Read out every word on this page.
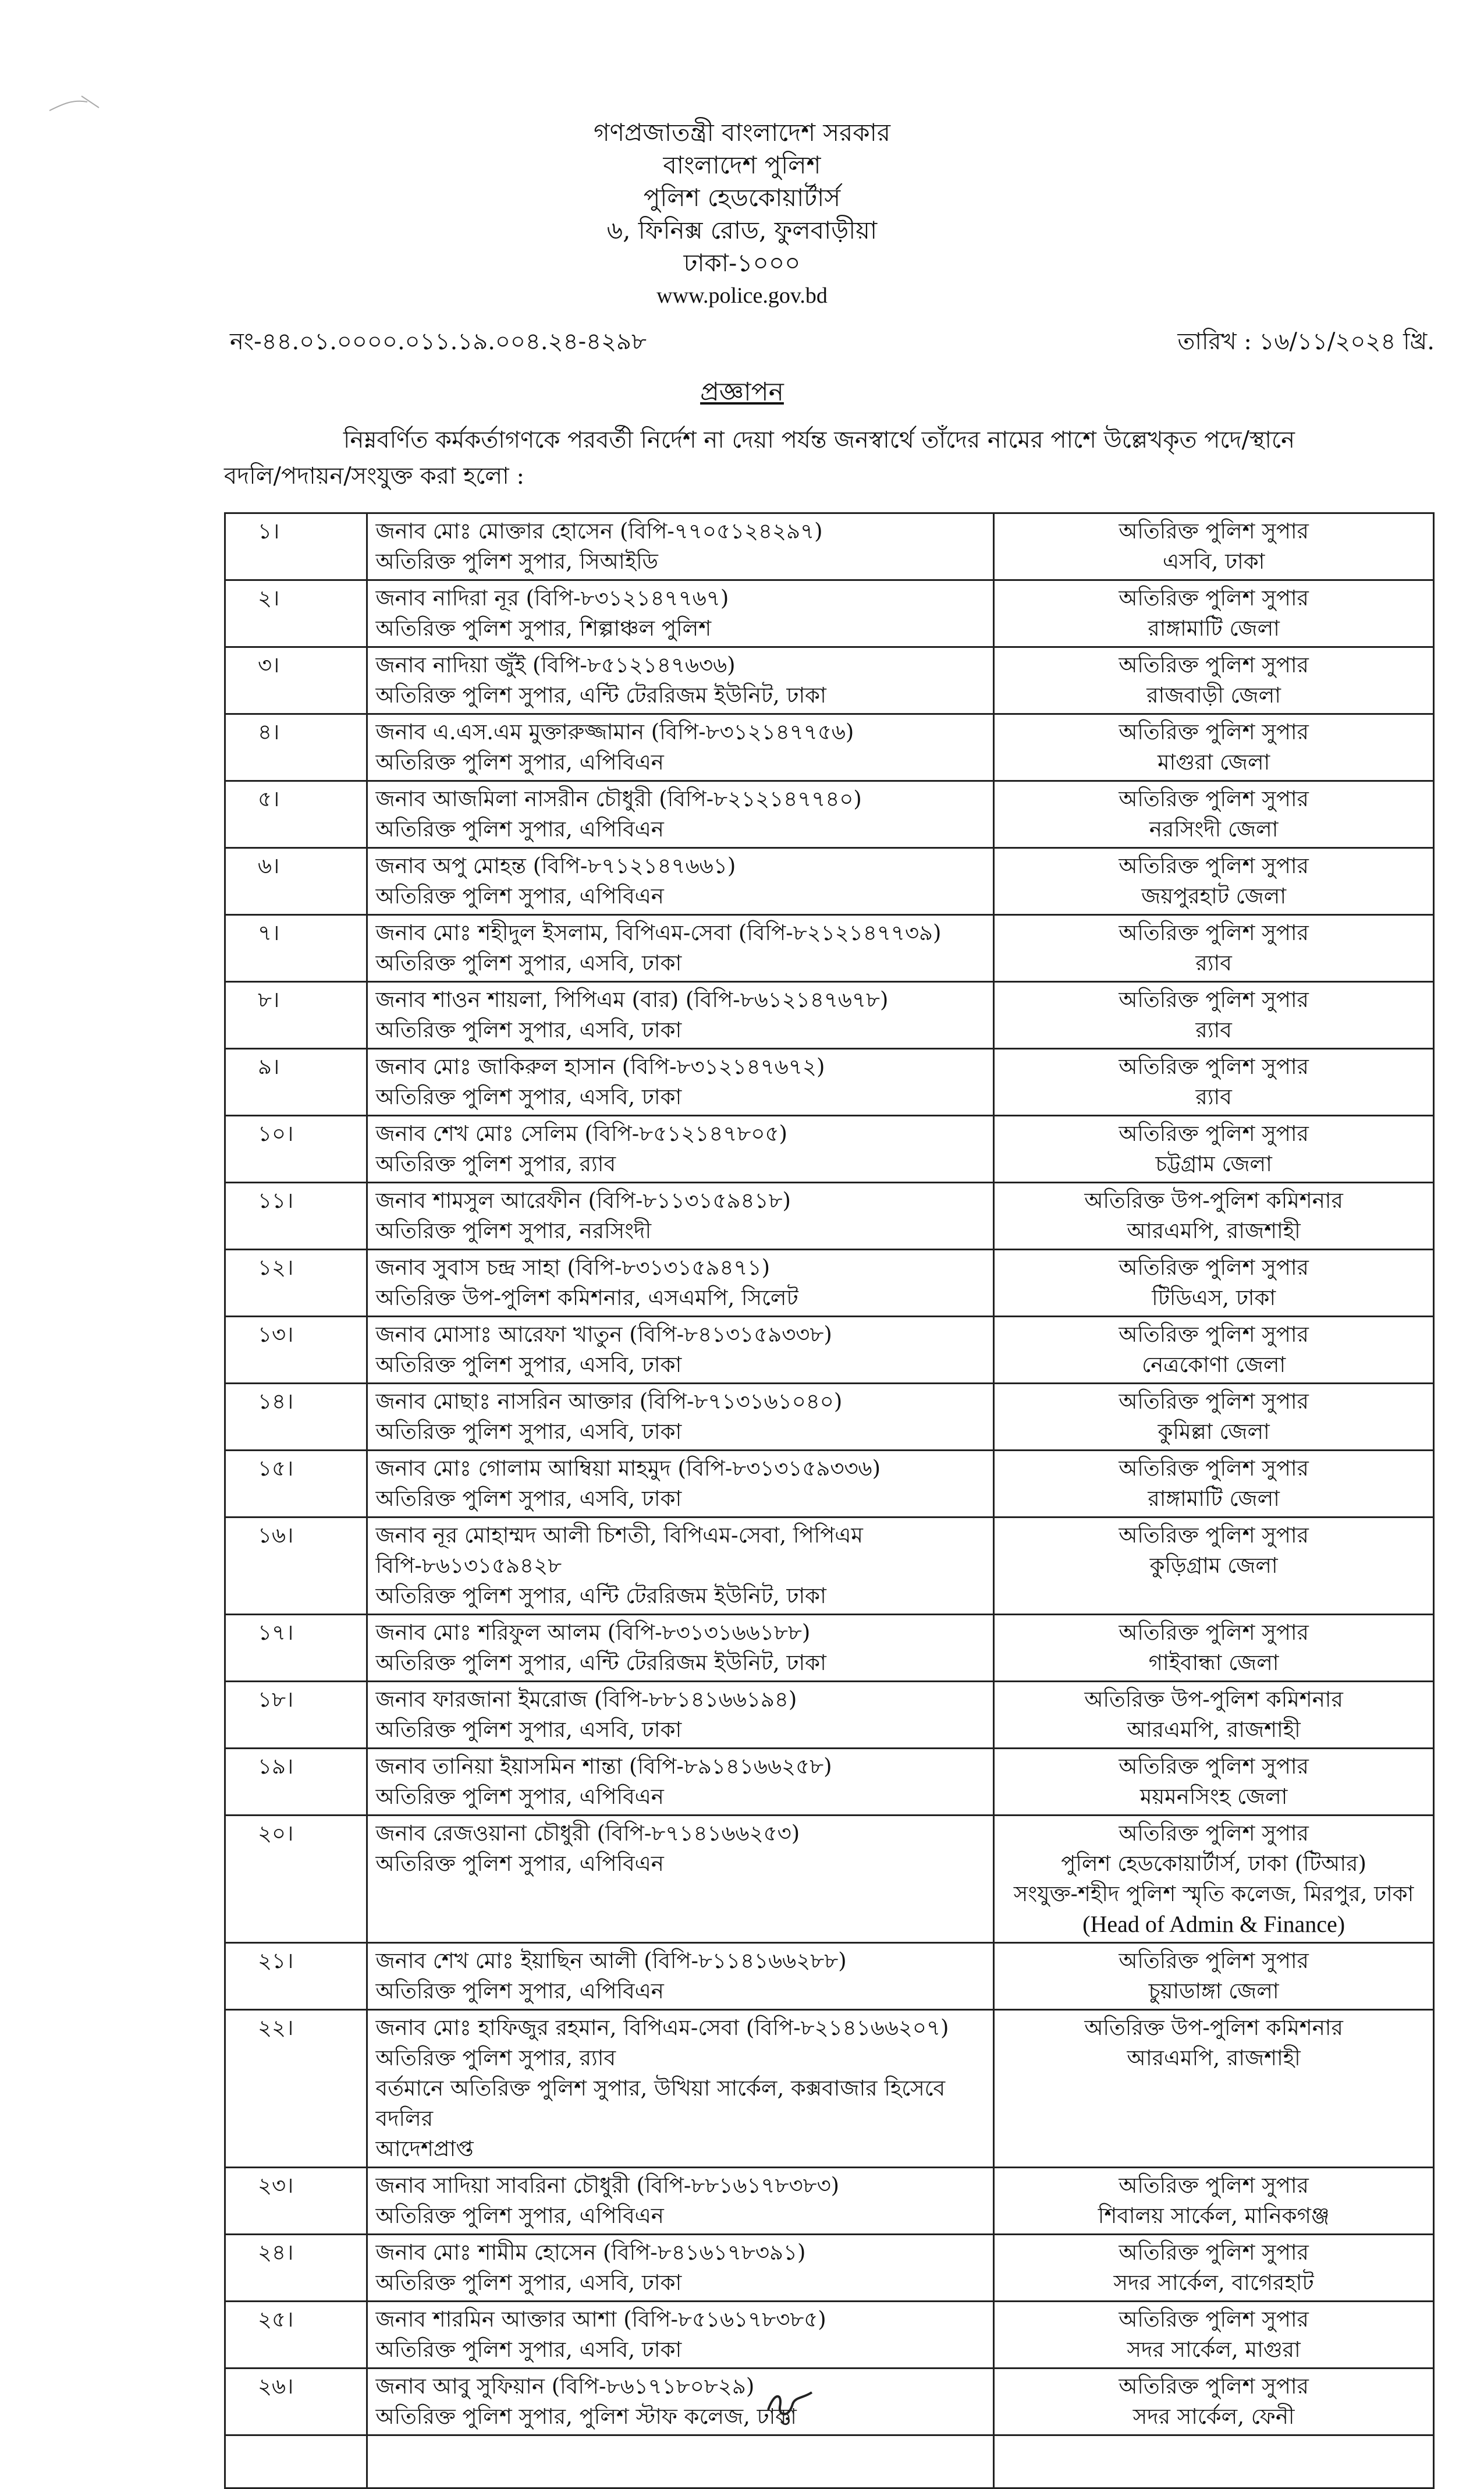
গণপ্রজাতন্ত্রী বাংলাদেশ সরকার
বাংলাদেশ পুলিশ
পুলিশ হেডকোয়ার্টার্স
৬, ফিনিক্স রোড, ফুলবাড়ীয়া
ঢাকা-১০০০
www.police.gov.bd
নং-৪৪.০১.০০০০.০১১.১৯.০০৪.২৪-৪২৯৮	তারিখ : ১৬/১১/২০২৪ খ্রি.
প্রজ্ঞাপন
নিম্নবর্ণিত কর্মকর্তাগণকে পরবর্তী নির্দেশ না দেয়া পর্যন্ত জনস্বার্থে তাঁদের নামের পাশে উল্লেখকৃত পদে/স্থানে
বদলি/পদায়ন/সংযুক্ত করা হলো :
১।	জনাব মোঃ মোক্তার হোসেন (বিপি-৭৭০৫১২৪২৯৭)
অতিরিক্ত পুলিশ সুপার, সিআইডি	অতিরিক্ত পুলিশ সুপার
এসবি, ঢাকা

২।	জনাব নাদিরা নূর (বিপি-৮৩১২১৪৭৭৬৭)
অতিরিক্ত পুলিশ সুপার, শিল্পাঞ্চল পুলিশ	অতিরিক্ত পুলিশ সুপার
রাঙ্গামাটি জেলা

৩।	জনাব নাদিয়া জুঁই (বিপি-৮৫১২১৪৭৬৩৬)
অতিরিক্ত পুলিশ সুপার, এন্টি টেররিজম ইউনিট, ঢাকা	অতিরিক্ত পুলিশ সুপার
রাজবাড়ী জেলা

৪।	জনাব এ.এস.এম মুক্তারুজ্জামান (বিপি-৮৩১২১৪৭৭৫৬)
অতিরিক্ত পুলিশ সুপার, এপিবিএন	অতিরিক্ত পুলিশ সুপার
মাগুরা জেলা

৫।	জনাব আজমিলা নাসরীন চৌধুরী (বিপি-৮২১২১৪৭৭৪০)
অতিরিক্ত পুলিশ সুপার, এপিবিএন	অতিরিক্ত পুলিশ সুপার
নরসিংদী জেলা

৬।	জনাব অপু মোহন্ত (বিপি-৮৭১২১৪৭৬৬১)
অতিরিক্ত পুলিশ সুপার, এপিবিএন	অতিরিক্ত পুলিশ সুপার
জয়পুরহাট জেলা

৭।	জনাব মোঃ শহীদুল ইসলাম, বিপিএম-সেবা (বিপি-৮২১২১৪৭৭৩৯)
অতিরিক্ত পুলিশ সুপার, এসবি, ঢাকা	অতিরিক্ত পুলিশ সুপার
র‍্যাব

৮।	জনাব শাওন শায়লা, পিপিএম (বার) (বিপি-৮৬১২১৪৭৬৭৮)
অতিরিক্ত পুলিশ সুপার, এসবি, ঢাকা	অতিরিক্ত পুলিশ সুপার
র‍্যাব

৯।	জনাব মোঃ জাকিরুল হাসান (বিপি-৮৩১২১৪৭৬৭২)
অতিরিক্ত পুলিশ সুপার, এসবি, ঢাকা	অতিরিক্ত পুলিশ সুপার
র‍্যাব

১০।	জনাব শেখ মোঃ সেলিম (বিপি-৮৫১২১৪৭৮০৫)
অতিরিক্ত পুলিশ সুপার, র‍্যাব	অতিরিক্ত পুলিশ সুপার
চট্টগ্রাম জেলা

১১।	জনাব শামসুল আরেফীন (বিপি-৮১১৩১৫৯৪১৮)
অতিরিক্ত পুলিশ সুপার, নরসিংদী	অতিরিক্ত উপ-পুলিশ কমিশনার
আরএমপি, রাজশাহী

১২।	জনাব সুবাস চন্দ্র সাহা (বিপি-৮৩১৩১৫৯৪৭১)
অতিরিক্ত উপ-পুলিশ কমিশনার, এসএমপি, সিলেট	অতিরিক্ত পুলিশ সুপার
টিডিএস, ঢাকা

১৩।	জনাব মোসাঃ আরেফা খাতুন (বিপি-৮৪১৩১৫৯৩৩৮)
অতিরিক্ত পুলিশ সুপার, এসবি, ঢাকা	অতিরিক্ত পুলিশ সুপার
নেত্রকোণা জেলা

১৪।	জনাব মোছাঃ নাসরিন আক্তার (বিপি-৮৭১৩১৬১০৪০)
অতিরিক্ত পুলিশ সুপার, এসবি, ঢাকা	অতিরিক্ত পুলিশ সুপার
কুমিল্লা জেলা

১৫।	জনাব মোঃ গোলাম আম্বিয়া মাহমুদ (বিপি-৮৩১৩১৫৯৩৩৬)
অতিরিক্ত পুলিশ সুপার, এসবি, ঢাকা	অতিরিক্ত পুলিশ সুপার
রাঙ্গামাটি জেলা

১৬।	জনাব নূর মোহাম্মদ আলী চিশতী, বিপিএম-সেবা, পিপিএম
বিপি-৮৬১৩১৫৯৪২৮
অতিরিক্ত পুলিশ সুপার, এন্টি টেররিজম ইউনিট, ঢাকা	অতিরিক্ত পুলিশ সুপার
কুড়িগ্রাম জেলা

১৭।	জনাব মোঃ শরিফুল আলম (বিপি-৮৩১৩১৬৬১৮৮)
অতিরিক্ত পুলিশ সুপার, এন্টি টেররিজম ইউনিট, ঢাকা	অতিরিক্ত পুলিশ সুপার
গাইবান্ধা জেলা

১৮।	জনাব ফারজানা ইমরোজ (বিপি-৮৮১৪১৬৬১৯৪)
অতিরিক্ত পুলিশ সুপার, এসবি, ঢাকা	অতিরিক্ত উপ-পুলিশ কমিশনার
আরএমপি, রাজশাহী

১৯।	জনাব তানিয়া ইয়াসমিন শান্তা (বিপি-৮৯১৪১৬৬২৫৮)
অতিরিক্ত পুলিশ সুপার, এপিবিএন	অতিরিক্ত পুলিশ সুপার
ময়মনসিংহ জেলা

২০।	জনাব রেজওয়ানা চৌধুরী (বিপি-৮৭১৪১৬৬২৫৩)
অতিরিক্ত পুলিশ সুপার, এপিবিএন	অতিরিক্ত পুলিশ সুপার
পুলিশ হেডকোয়ার্টার্স, ঢাকা (টিআর)
সংযুক্ত-শহীদ পুলিশ স্মৃতি কলেজ, মিরপুর, ঢাকা
(Head of Admin & Finance)

২১।	জনাব শেখ মোঃ ইয়াছিন আলী (বিপি-৮১১৪১৬৬২৮৮)
অতিরিক্ত পুলিশ সুপার, এপিবিএন	অতিরিক্ত পুলিশ সুপার
চুয়াডাঙ্গা জেলা

২২।	জনাব মোঃ হাফিজুর রহমান, বিপিএম-সেবা (বিপি-৮২১৪১৬৬২০৭)
অতিরিক্ত পুলিশ সুপার, র‍্যাব
বর্তমানে অতিরিক্ত পুলিশ সুপার, উখিয়া সার্কেল, কক্সবাজার হিসেবে বদলির
আদেশপ্রাপ্ত	অতিরিক্ত উপ-পুলিশ কমিশনার
আরএমপি, রাজশাহী

২৩।	জনাব সাদিয়া সাবরিনা চৌধুরী (বিপি-৮৮১৬১৭৮৩৮৩)
অতিরিক্ত পুলিশ সুপার, এপিবিএন	অতিরিক্ত পুলিশ সুপার
শিবালয় সার্কেল, মানিকগঞ্জ

২৪।	জনাব মোঃ শামীম হোসেন (বিপি-৮৪১৬১৭৮৩৯১)
অতিরিক্ত পুলিশ সুপার, এসবি, ঢাকা	অতিরিক্ত পুলিশ সুপার
সদর সার্কেল, বাগেরহাট

২৫।	জনাব শারমিন আক্তার আশা (বিপি-৮৫১৬১৭৮৩৮৫)
অতিরিক্ত পুলিশ সুপার, এসবি, ঢাকা	অতিরিক্ত পুলিশ সুপার
সদর সার্কেল, মাগুরা

২৬।	জনাব আবু সুফিয়ান (বিপি-৮৬১৭১৮০৮২৯)
অতিরিক্ত পুলিশ সুপার, পুলিশ স্টাফ কলেজ, ঢাকা	অতিরিক্ত পুলিশ সুপার
সদর সার্কেল, ফেনী
